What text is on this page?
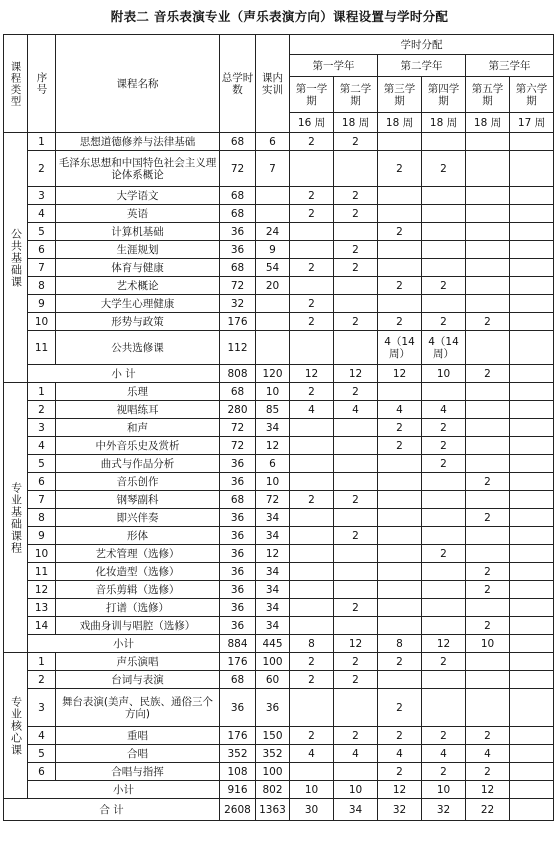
附表二 音乐表演专业（声乐表演方向）课程设置与学时分配
课程类型	序号	课程名称	总学时数	课内实训	学时分配					
					第一学年		第二学年		第三学年	
					第一学期	第二学期	第三学期	第四学期	第五学期	第六学期
					16 周	18 周	18 周	18 周	18 周	17 周
公共基础课	1	思想道德修养与法律基础	68	6	2	2				
	2	毛泽东思想和中国特色社会主义理论体系概论	72	7			2	2		
	3	大学语文	68		2	2				
	4	英语	68		2	2				
	5	计算机基础	36	24			2			
	6	生涯规划	36	9		2				
	7	体育与健康	68	54	2	2				
	8	艺术概论	72	20			2	2		
	9	大学生心理健康	32		2					
	10	形势与政策	176		2	2	2	2	2	
	11	公共选修课	112				4（14周）	4（14周）		
	小 计		808	120	12	12	12	10	2	
专业基础课程	1	乐理	68	10	2	2				
	2	视唱练耳	280	85	4	4	4	4		
	3	和声	72	34			2	2		
	4	中外音乐史及赏析	72	12			2	2		
	5	曲式与作品分析	36	6				2		
	6	音乐创作	36	10					2	
	7	钢琴副科	68	72	2	2				
	8	即兴伴奏	36	34					2	
	9	形体	36	34		2				
	10	艺术管理（选修）	36	12				2		
	11	化妆造型（选修）	36	34					2	
	12	音乐剪辑（选修）	36	34					2	
	13	打谱（选修）	36	34		2				
	14	戏曲身训与唱腔（选修）	36	34					2	
	小计		884	445	8	12	8	12	10	
专业核心课	1	声乐演唱	176	100	2	2	2	2		
	2	台词与表演	68	60	2	2				
	3	舞台表演(美声、民族、通俗三个方向)	36	36			2			
	4	重唱	176	150	2	2	2	2	2	
	5	合唱	352	352	4	4	4	4	4	
	6	合唱与指挥	108	100			2	2	2	
	小计		916	802	10	10	12	10	12	
合 计			2608	1363	30	34	32	32	22	
